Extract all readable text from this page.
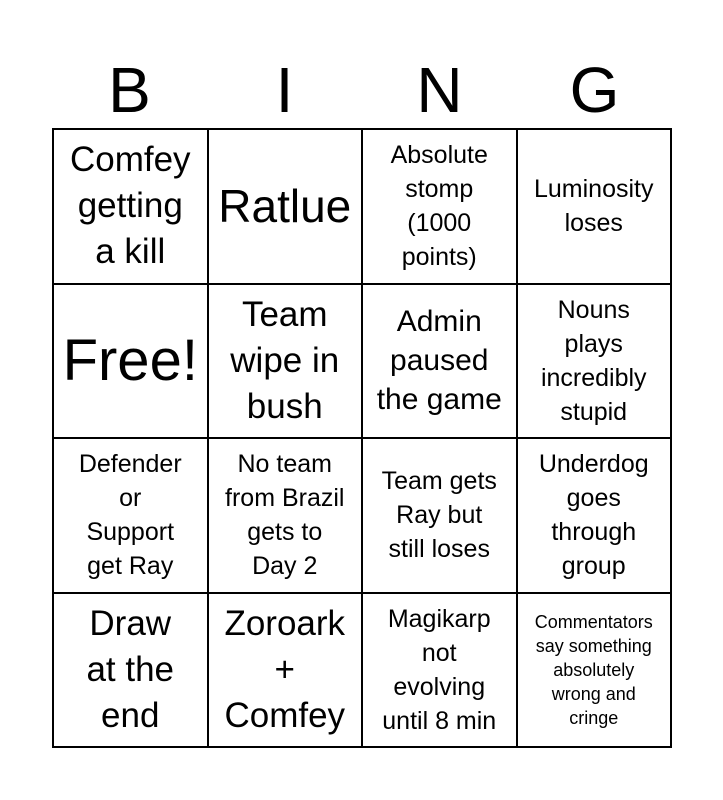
B	I	N	G
Comfey
getting
a kill
Ratlue
Absolute
stomp
(1000
points)
Luminosity
loses
Free!
Team
wipe in
bush
Admin
paused
the game
Nouns
plays
incredibly
stupid
Defender
or
Support
get Ray
No team
from Brazil
gets to
Day 2
Team gets
Ray but
still loses
Underdog
goes
through
group
Draw
at the
end
Zoroark
+
Comfey
Magikarp
not
evolving
until 8 min
Commentators
say something
absolutely
wrong and
cringe
